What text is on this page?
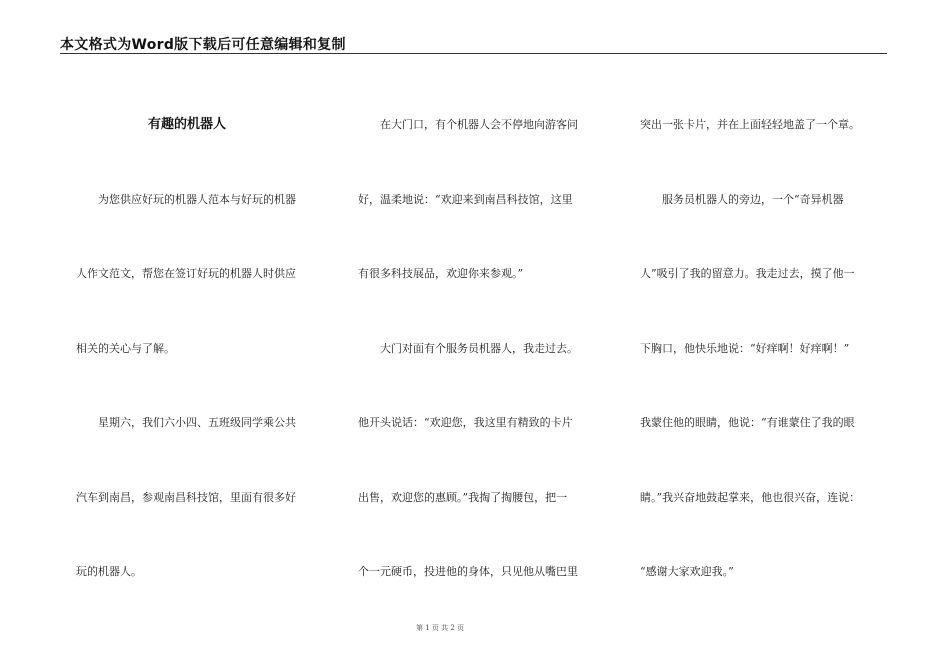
本文格式为Word版下载后可任意编辑和复制
有趣的机器人
为您供应好玩的机器人范本与好玩的机器
人作文范文，帮您在签订好玩的机器人时供应
相关的关心与了解。
星期六，我们六小四、五班级同学乘公共
汽车到南昌，参观南昌科技馆，里面有很多好
玩的机器人。
在大门口，有个机器人会不停地向游客问
好，温柔地说：“欢迎来到南昌科技馆，这里
有很多科技展品，欢迎你来参观。”
大门对面有个服务员机器人，我走过去。
他开头说话：“欢迎您，我这里有精致的卡片
出售，欢迎您的惠顾。”我掏了掏腰包，把一
个一元硬币，投进他的身体，只见他从嘴巴里
突出一张卡片，并在上面轻轻地盖了一个章。
服务员机器人的旁边，一个“奇异机器
人”吸引了我的留意力。我走过去，摸了他一
下胸口，他快乐地说：“好痒啊！好痒啊！”
我蒙住他的眼睛，他说：“有谁蒙住了我的眼
睛。”我兴奋地鼓起掌来，他也很兴奋，连说：
“感谢大家欢迎我。”
第 1 页 共 2 页
